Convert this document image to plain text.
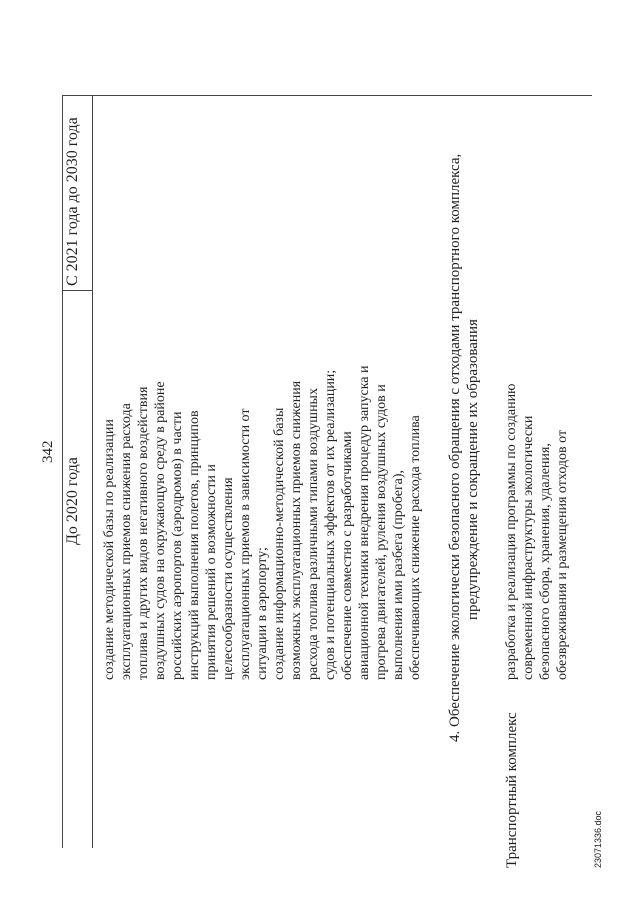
342
23071336.doc
До 2020 года
С 2021 года до 2030 года
создание методической базы по реализации эксплуатационных приемов снижения расхода топлива и других видов негативного воздействия воздушных судов на окружающую среду в районе российских аэропортов (аэродромов) в части инструкций выполнения полетов, принципов принятия решений о возможности и целесообразности осуществления эксплуатационных приемов в зависимости от ситуации в аэропорту; создание информационно-методической базы возможных эксплуатационных приемов снижения расхода топлива различными типами воздушных судов и потенциальных эффектов от их реализации; обеспечение совместно с разработчиками авиационной техники внедрения процедур запуска и прогрева двигателей, руления воздушных судов и выполнения ими разбега (пробега), обеспечивающих снижение расхода топлива 4. Обеспечение экологически безопасного обращения с отходами транспортного комплекса, предупреждение и сокращение их образования
Транспортный комплекс
разработка и реализация программы по созданию современной инфраструктуры экологически безопасного сбора, хранения, удаления, обезвреживания и размещения отходов от
